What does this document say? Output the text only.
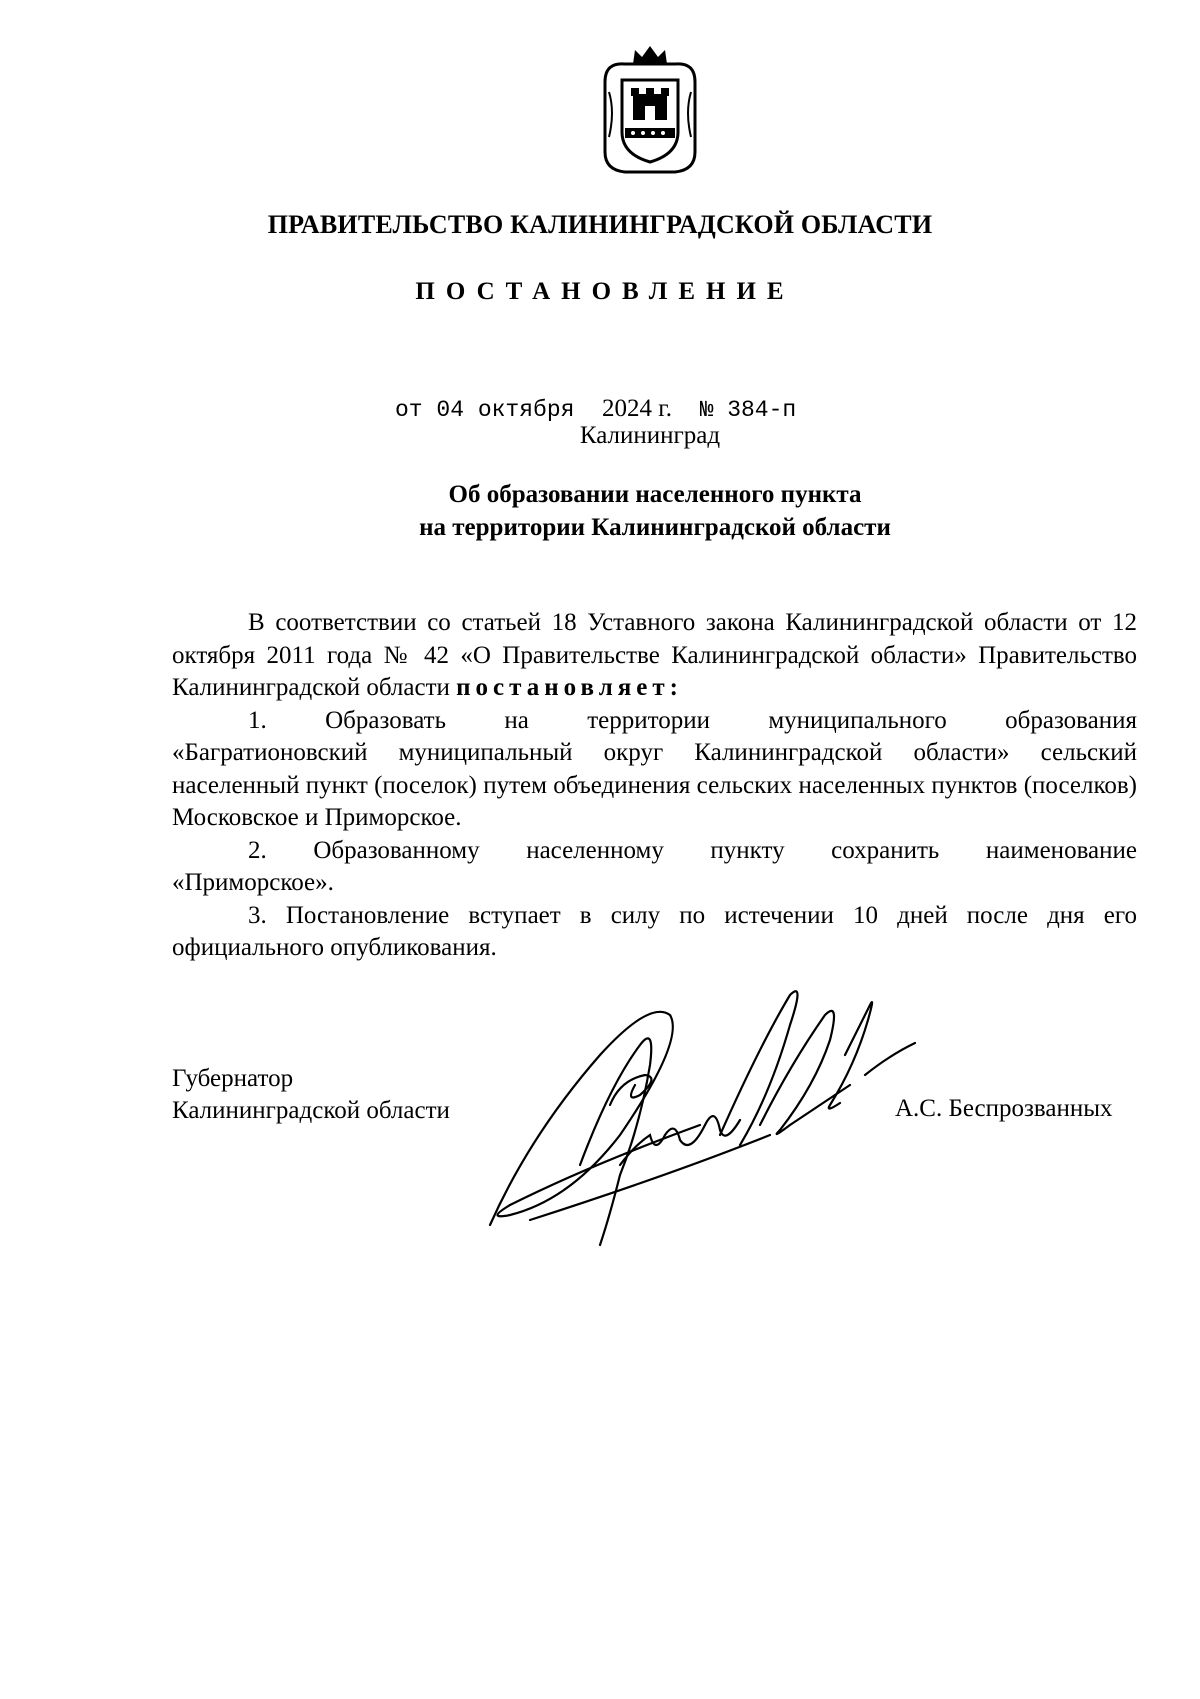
ПРАВИТЕЛЬСТВО КАЛИНИНГРАДСКОЙ ОБЛАСТИ
ПОСТАНОВЛЕНИЕ
от 04 октября 2024 г. № 384-п
Калининград
Об образовании населенного пункта
на территории Калининградской области

В соответствии со статьей 18 Уставного закона Калининградской области от 12 октября 2011 года № 42 «О Правительстве Калининградской области» Правительство Калининградской области постановляет:

1. Образовать на территории муниципального образования

«Багратионовский муниципальный округ Калининградской области» сельский населенный пункт (поселок) путем объединения сельских населенных пунктов (поселков) Московское и Приморское.

2. Образованному населенному пункту сохранить наименование

«Приморское».

3. Постановление вступает в силу по истечении 10 дней после дня его официального опубликования.

Губернатор
Калининградской области	А.С. Беспрозванных
